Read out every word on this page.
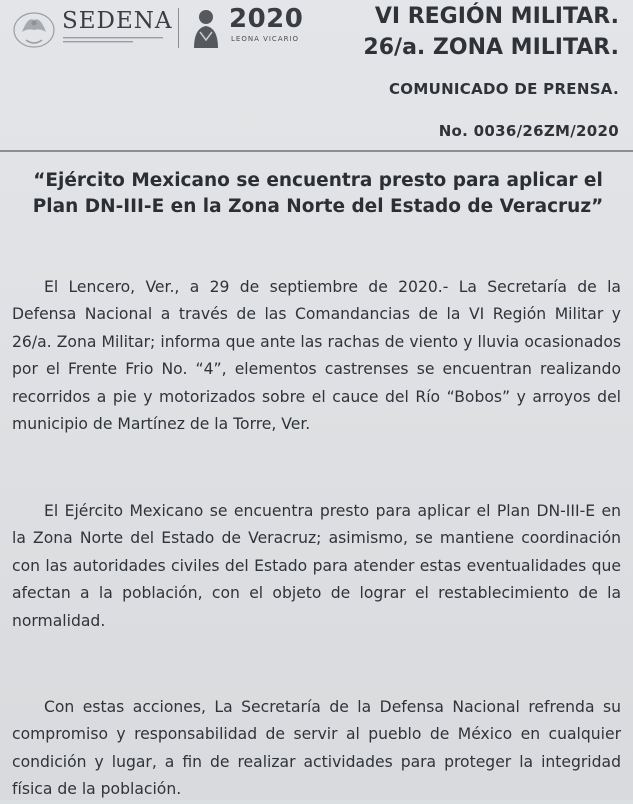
SEDENA 2020
LEONA VICARIO
VI REGIÓN MILITAR.
26/a. ZONA MILITAR.
COMUNICADO DE PRENSA.
No. 0036/26ZM/2020
“Ejército Mexicano se encuentra presto para aplicar el Plan DN-III-E en la Zona Norte del Estado de Veracruz”

El Lencero, Ver., a 29 de septiembre de 2020.- La Secretaría de la Defensa Nacional a través de las Comandancias de la VI Región Militar y 26/a. Zona Militar; informa que ante las rachas de viento y lluvia ocasionados por el Frente Frio No. “4”, elementos castrenses se encuentran realizando recorridos a pie y motorizados sobre el cauce del Río “Bobos” y arroyos del municipio de Martínez de la Torre, Ver.

El Ejército Mexicano se encuentra presto para aplicar el Plan DN-III-E en la Zona Norte del Estado de Veracruz; asimismo, se mantiene coordinación con las autoridades civiles del Estado para atender estas eventualidades que afectan a la población, con el objeto de lograr el restablecimiento de la normalidad.

Con estas acciones, La Secretaría de la Defensa Nacional refrenda su compromiso y responsabilidad de servir al pueblo de México en cualquier condición y lugar, a fin de realizar actividades para proteger la integridad física de la población.
